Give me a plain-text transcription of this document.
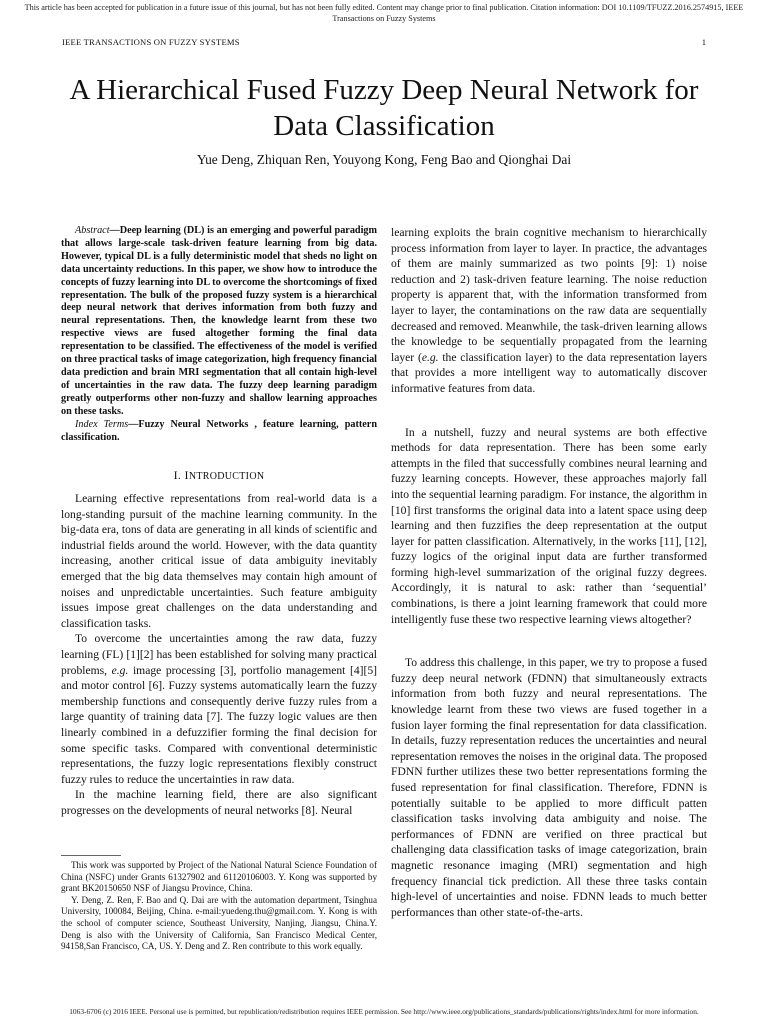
This article has been accepted for publication in a future issue of this journal, but has not been fully edited. Content may change prior to final publication. Citation information: DOI 10.1109/TFUZZ.2016.2574915, IEEE Transactions on Fuzzy Systems
IEEE TRANSACTIONS ON FUZZY SYSTEMS	1
A Hierarchical Fused Fuzzy Deep Neural Network for Data Classification
Yue Deng, Zhiquan Ren, Youyong Kong, Feng Bao and Qionghai Dai

Abstract—Deep learning (DL) is an emerging and powerful paradigm that allows large-scale task-driven feature learning from big data. However, typical DL is a fully deterministic model that sheds no light on data uncertainty reductions. In this paper, we show how to introduce the concepts of fuzzy learning into DL to overcome the shortcomings of fixed representation. The bulk of the proposed fuzzy system is a hierarchical deep neural network that derives information from both fuzzy and neural representations. Then, the knowledge learnt from these two respective views are fused altogether forming the final data representation to be classified. The effectiveness of the model is verified on three practical tasks of image categorization, high frequency financial data prediction and brain MRI segmentation that all contain high-level of uncertainties in the raw data. The fuzzy deep learning paradigm greatly outperforms other non-fuzzy and shallow learning approaches on these tasks.

Index Terms—Fuzzy Neural Networks , feature learning, pattern classification.

I. INTRODUCTION

Learning effective representations from real-world data is a long-standing pursuit of the machine learning community. In the big-data era, tons of data are generating in all kinds of scientific and industrial fields around the world. However, with the data quantity increasing, another critical issue of data ambiguity inevitably emerged that the big data themselves may contain high amount of noises and unpredictable uncertainties. Such feature ambiguity issues impose great challenges on the data understanding and classification tasks.

To overcome the uncertainties among the raw data, fuzzy learning (FL) [1][2] has been established for solving many practical problems, e.g. image processing [3], portfolio management [4][5] and motor control [6]. Fuzzy systems automatically learn the fuzzy membership functions and consequently derive fuzzy rules from a large quantity of training data [7]. The fuzzy logic values are then linearly combined in a defuzzifier forming the final decision for some specific tasks. Compared with conventional deterministic representations, the fuzzy logic representations flexibly construct fuzzy rules to reduce the uncertainties in raw data.

In the machine learning field, there are also significant progresses on the developments of neural networks [8]. Neural

This work was supported by Project of the National Natural Science Foundation of China (NSFC) under Grants 61327902 and 61120106003. Y. Kong was supported by grant BK20150650 NSF of Jiangsu Province, China.

Y. Deng, Z. Ren, F. Bao and Q. Dai are with the automation department, Tsinghua University, 100084, Beijing, China. e-mail:yuedeng.thu@gmail.com. Y. Kong is with the school of computer science, Southeast University, Nanjing, Jiangsu, China.Y. Deng is also with the University of California, San Francisco Medical Center, 94158,San Francisco, CA, US. Y. Deng and Z. Ren contribute to this work equally.

learning exploits the brain cognitive mechanism to hierarchically process information from layer to layer. In practice, the advantages of them are mainly summarized as two points [9]: 1) noise reduction and 2) task-driven feature learning. The noise reduction property is apparent that, with the information transformed from layer to layer, the contaminations on the raw data are sequentially decreased and removed. Meanwhile, the task-driven learning allows the knowledge to be sequentially propagated from the learning layer (e.g. the classification layer) to the data representation layers that provides a more intelligent way to automatically discover informative features from data.

In a nutshell, fuzzy and neural systems are both effective methods for data representation. There has been some early attempts in the filed that successfully combines neural learning and fuzzy learning concepts. However, these approaches majorly fall into the sequential learning paradigm. For instance, the algorithm in [10] first transforms the original data into a latent space using deep learning and then fuzzifies the deep representation at the output layer for patten classification. Alternatively, in the works [11], [12], fuzzy logics of the original input data are further transformed forming high-level summarization of the original fuzzy degrees. Accordingly, it is natural to ask: rather than ‘sequential’ combinations, is there a joint learning framework that could more intelligently fuse these two respective learning views altogether?

To address this challenge, in this paper, we try to propose a fused fuzzy deep neural network (FDNN) that simultaneously extracts information from both fuzzy and neural representations. The knowledge learnt from these two views are fused together in a fusion layer forming the final representation for data classification. In details, fuzzy representation reduces the uncertainties and neural representation removes the noises in the original data. The proposed FDNN further utilizes these two better representations forming the fused representation for final classification. Therefore, FDNN is potentially suitable to be applied to more difficult patten classification tasks involving data ambiguity and noise. The performances of FDNN are verified on three practical but challenging data classification tasks of image categorization, brain magnetic resonance imaging (MRI) segmentation and high frequency financial tick prediction. All these three tasks contain high-level of uncertainties and noise. FDNN leads to much better performances than other state-of-the-arts.

1063-6706 (c) 2016 IEEE. Personal use is permitted, but republication/redistribution requires IEEE permission. See http://www.ieee.org/publications_standards/publications/rights/index.html for more information.
